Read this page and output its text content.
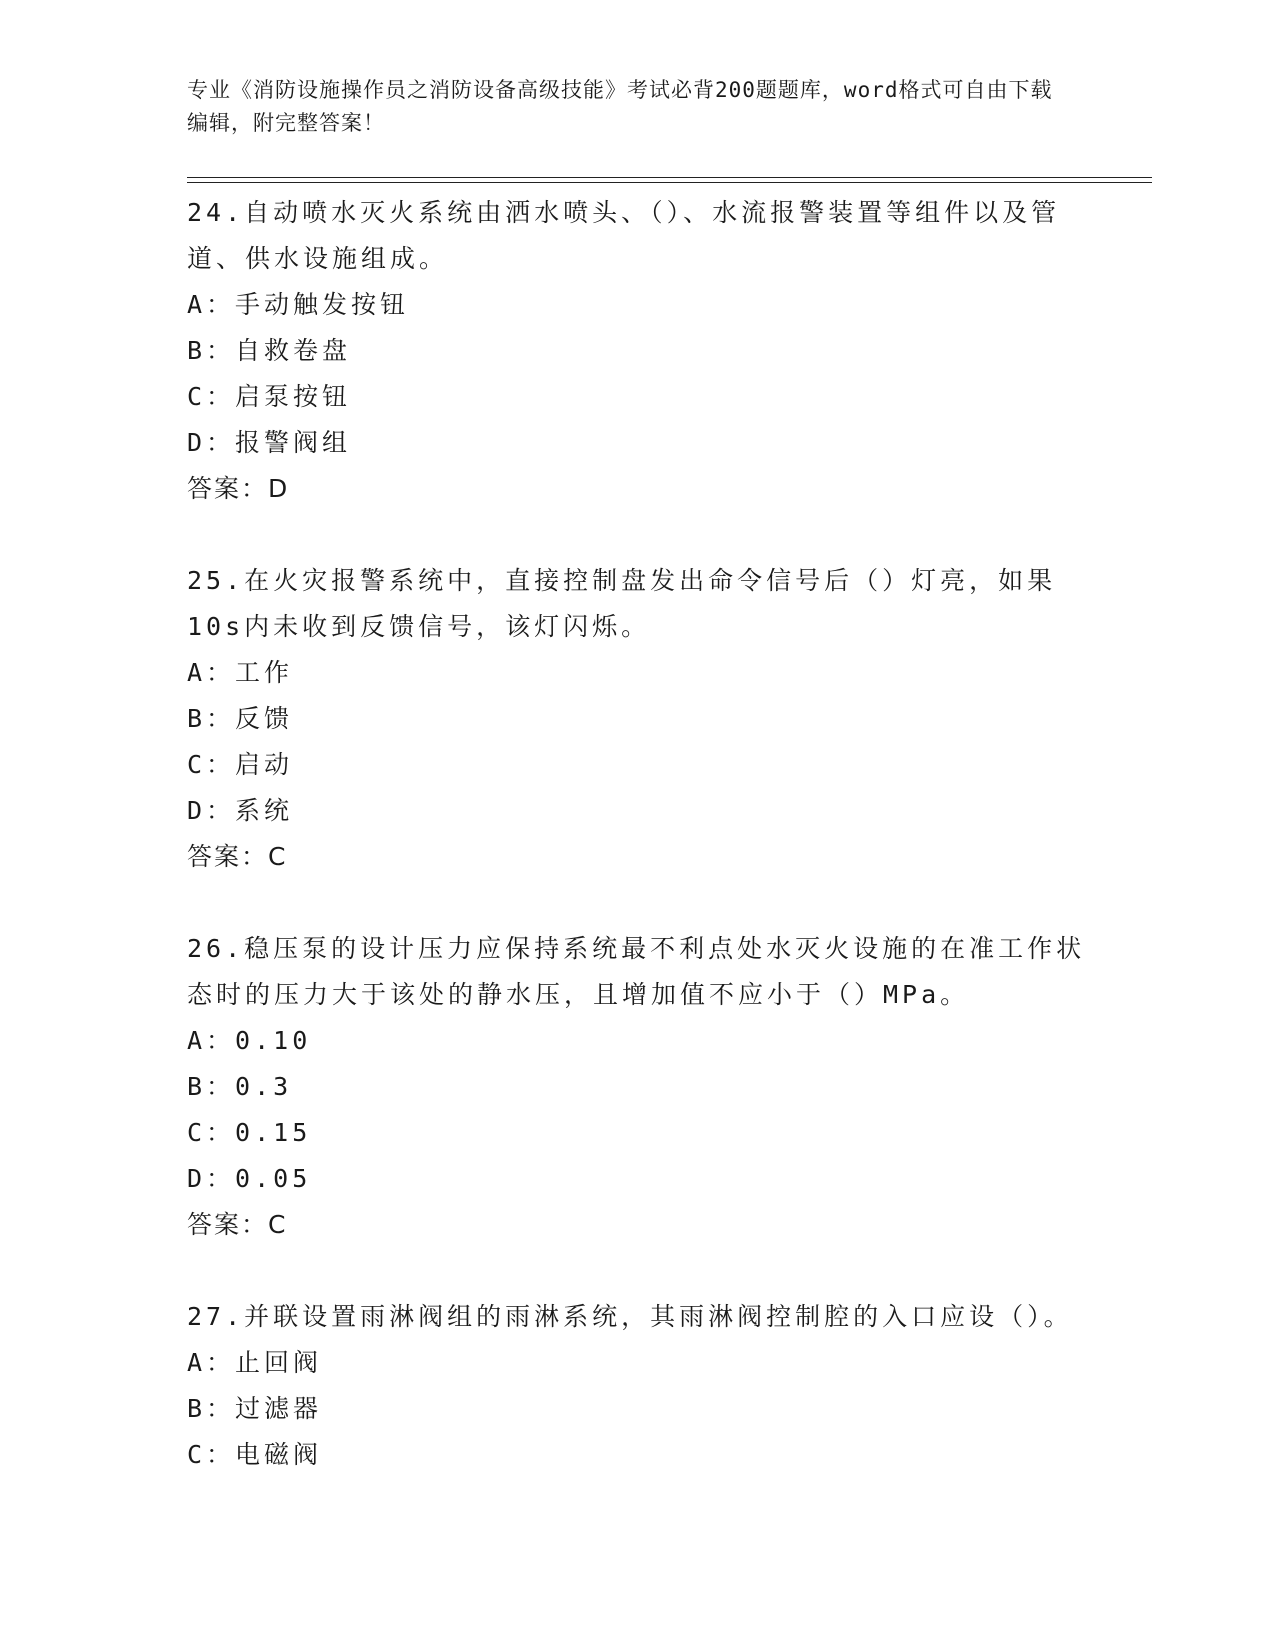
专业《消防设施操作员之消防设备高级技能》考试必背200题题库，word格式可自由下载编辑，附完整答案！
24.自动喷水灭火系统由洒水喷头、（）、水流报警装置等组件以及管道、供水设施组成。
A：手动触发按钮
B：自救卷盘
C：启泵按钮
D：报警阀组
答案：D
25.在火灾报警系统中，直接控制盘发出命令信号后（）灯亮，如果10s内未收到反馈信号，该灯闪烁。
A：工作
B：反馈
C：启动
D：系统
答案：C
26.稳压泵的设计压力应保持系统最不利点处水灭火设施的在准工作状态时的压力大于该处的静水压，且增加值不应小于（）MPa。
A：0.10
B：0.3
C：0.15
D：0.05
答案：C
27.并联设置雨淋阀组的雨淋系统，其雨淋阀控制腔的入口应设（）。
A：止回阀
B：过滤器
C：电磁阀
